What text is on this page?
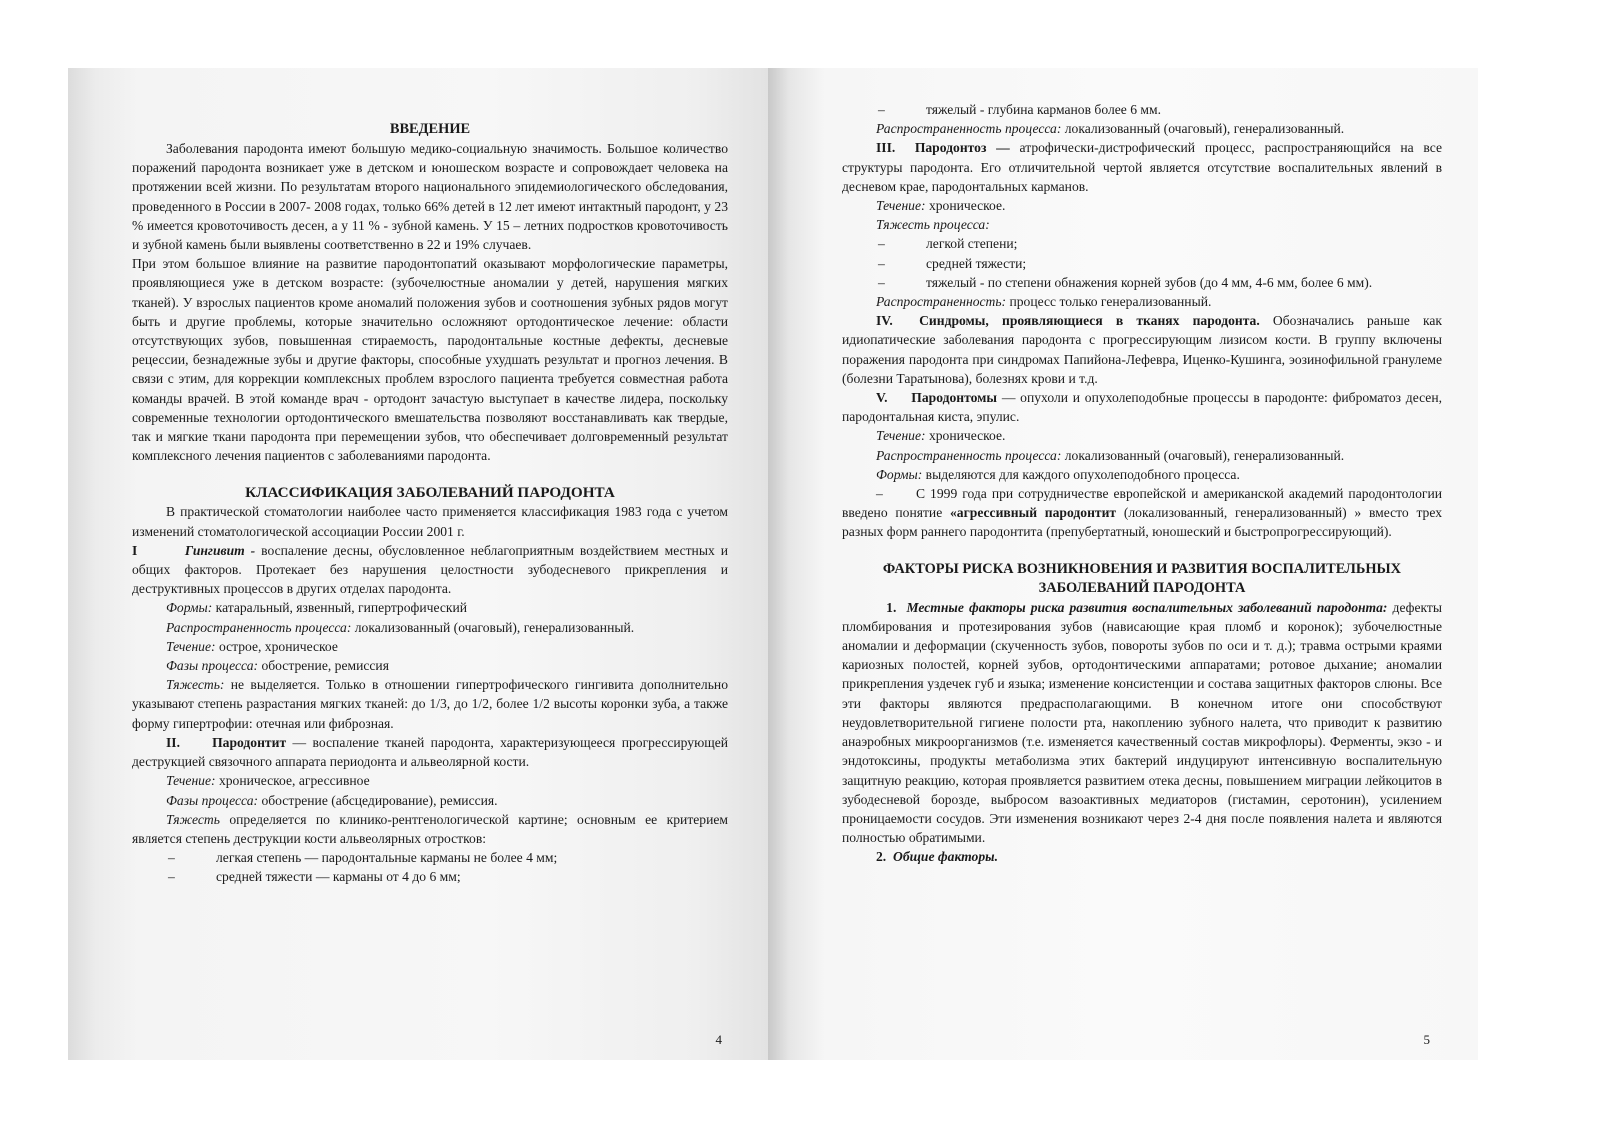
ВВЕДЕНИЕ

Заболевания пародонта имеют большую медико-социальную значимость. Большое количество поражений пародонта возникает уже в детском и юношеском возрасте и сопровождает человека на протяжении всей жизни. По результатам второго национального эпидемиологического обследования, проведенного в России в 2007- 2008 годах, только 66% детей в 12 лет имеют интактный пародонт, у 23 % имеется кровоточивость десен, а у 11 % - зубной камень. У 15 – летних подростков кровоточивость и зубной камень были выявлены соответственно в 22 и 19% случаев.

При этом большое влияние на развитие пародонтопатий оказывают морфологические параметры, проявляющиеся уже в детском возрасте: (зубочелюстные аномалии у детей, нарушения мягких тканей). У взрослых пациентов кроме аномалий положения зубов и соотношения зубных рядов могут быть и другие проблемы, которые значительно осложняют ортодонтическое лечение: области отсутствующих зубов, повышенная стираемость, пародонтальные костные дефекты, десневые рецессии, безнадежные зубы и другие факторы, способные ухудшать результат и прогноз лечения. В связи с этим, для коррекции комплексных проблем взрослого пациента требуется совместная работа команды врачей. В этой команде врач - ортодонт зачастую выступает в качестве лидера, поскольку современные технологии ортодонтического вмешательства позволяют восстанавливать как твердые, так и мягкие ткани пародонта при перемещении зубов, что обеспечивает долговременный результат комплексного лечения пациентов с заболеваниями пародонта.

КЛАССИФИКАЦИЯ ЗАБОЛЕВАНИЙ ПАРОДОНТА

В практической стоматологии наиболее часто применяется классификация 1983 года с учетом изменений стоматологической ассоциации России 2001 г.

I	Гингивит - воспаление десны, обусловленное неблагоприятным воздействием местных и общих факторов. Протекает без нарушения целостности зубодесневого прикрепления и деструктивных процессов в других отделах пародонта.

Формы: катаральный, язвенный, гипертрофический

Распространенность процесса: локализованный (очаговый), генерализованный.

Течение: острое, хроническое

Фазы процесса: обострение, ремиссия

Тяжесть: не выделяется. Только в отношении гипертрофического гингивита дополнительно указывают степень разрастания мягких тканей: до 1/3, до 1/2, более 1/2 высоты коронки зуба, а также форму гипертрофии: отечная или фиброзная.

II. Пародонтит — воспаление тканей пародонта, характеризующееся прогрессирующей деструкцией связочного аппарата периодонта и альвеолярной кости.

Течение: хроническое, агрессивное

Фазы процесса: обострение (абсцедирование), ремиссия.

Тяжесть определяется по клинико-рентгенологической картине; основным ее критерием является степень деструкции кости альвеолярных отростков:

–	легкая степень — пародонтальные карманы не более 4 мм;
–	средней тяжести — карманы от 4 до 6 мм;
4
–	тяжелый - глубина карманов более 6 мм.

Распространенность процесса: локализованный (очаговый), генерализованный.

III. Пародонтоз — атрофически-дистрофический процесс, распространяющийся на все структуры пародонта. Его отличительной чертой является отсутствие воспалительных явлений в десневом крае, пародонтальных карманов.

Течение: хроническое.

Тяжесть процесса:

–	легкой степени;
–	средней тяжести;

–	тяжелый - по степени обнажения корней зубов (до 4 мм, 4-6 мм, более 6 мм).

Распространенность: процесс только генерализованный.

IV. Синдромы, проявляющиеся в тканях пародонта. Обозначались раньше как идиопатические заболевания пародонта с прогрессирующим лизисом кости. В группу включены поражения пародонта при синдромах Папийона-Лефевра, Иценко-Кушинга, эозинофильной гранулеме (болезни Таратынова), болезнях крови и т.д.

V. Пародонтомы — опухоли и опухолеподобные процессы в пародонте: фиброматоз десен, пародонтальная киста, эпулис.

Течение: хроническое.

Распространенность процесса: локализованный (очаговый), генерализованный.

Формы: выделяются для каждого опухолеподобного процесса.

– С 1999 года при сотрудничестве европейской и американской академий пародонтологии введено понятие «агрессивный пародонтит (локализованный, генерализованный) » вместо трех разных форм раннего пародонтита (препубертатный, юношеский и быстропрогрессирующий).

ФАКТОРЫ РИСКА ВОЗНИКНОВЕНИЯ И РАЗВИТИЯ ВОСПАЛИТЕЛЬНЫХ ЗАБОЛЕВАНИЙ ПАРОДОНТА

1. Местные факторы риска развития воспалительных заболеваний пародонта: дефекты пломбирования и протезирования зубов (нависающие края пломб и коронок); зубочелюстные аномалии и деформации (скученность зубов, повороты зубов по оси и т. д.); травма острыми краями кариозных полостей, корней зубов, ортодонтическими аппаратами; ротовое дыхание; аномалии прикрепления уздечек губ и языка; изменение консистенции и состава защитных факторов слюны. Все эти факторы являются предрасполагающими. В конечном итоге они способствуют неудовлетворительной гигиене полости рта, накоплению зубного налета, что приводит к развитию анаэробных микроорганизмов (т.е. изменяется качественный состав микрофлоры). Ферменты, экзо - и эндотоксины, продукты метаболизма этих бактерий индуцируют интенсивную воспалительную защитную реакцию, которая проявляется развитием отека десны, повышением миграции лейкоцитов в зубодесневой борозде, выбросом вазоактивных медиаторов (гистамин, серотонин), усилением проницаемости сосудов. Эти изменения возникают через 2-4 дня после появления налета и являются полностью обратимыми.

2. Общие факторы.

5
